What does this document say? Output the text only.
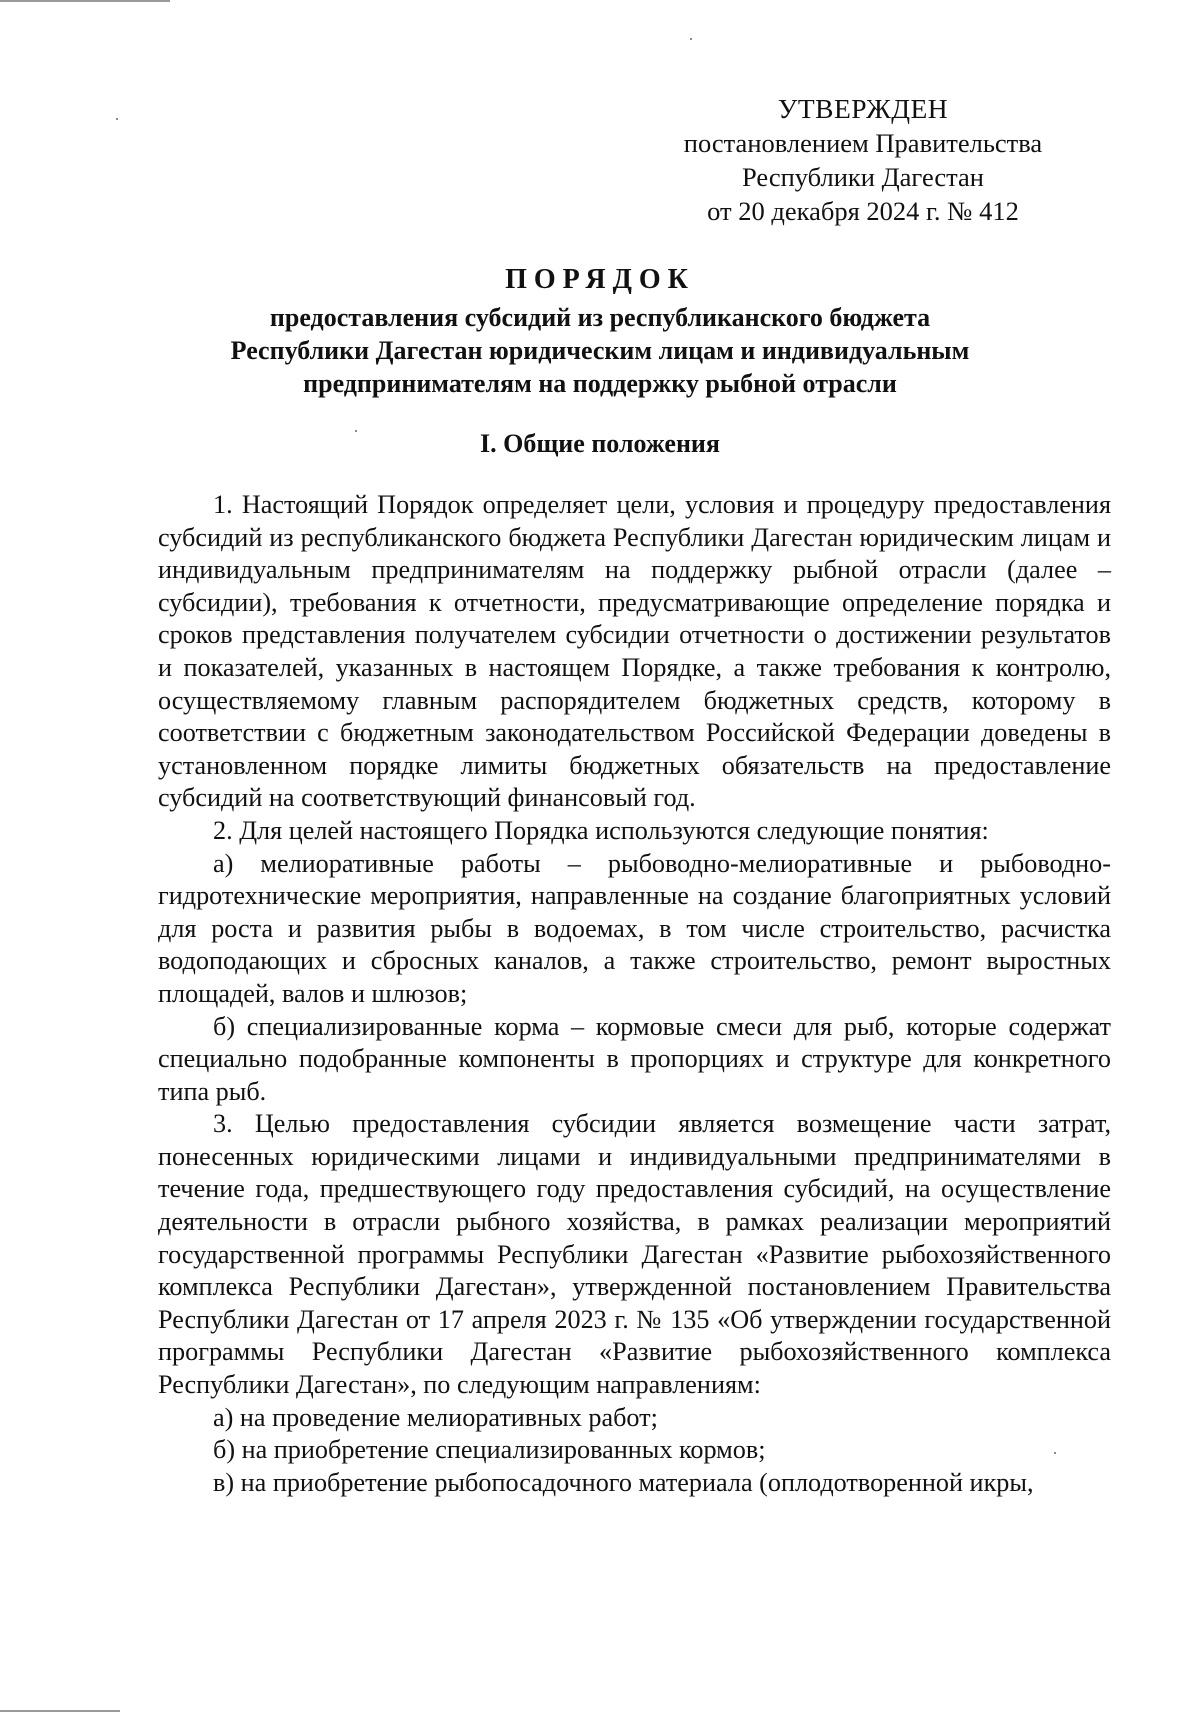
УТВЕРЖДЕН
постановлением Правительства
Республики Дагестан
от 20 декабря 2024 г. № 412
ПОРЯДОК
предоставления субсидий из республиканского бюджета
Республики Дагестан юридическим лицам и индивидуальным
предпринимателям на поддержку рыбной отрасли
I. Общие положения

1. Настоящий Порядок определяет цели, условия и процедуру предоставления субсидий из республиканского бюджета Республики Дагестан юридическим лицам и индивидуальным предпринимателям на поддержку рыбной отрасли (далее – субсидии), требования к отчетности, предусматривающие определение порядка и сроков представления получателем субсидии отчетности о достижении результатов и показателей, указанных в настоящем Порядке, а также требования к контролю, осуществляемому главным распорядителем бюджетных средств, которому в соответствии с бюджетным законодательством Российской Федерации доведены в установленном порядке лимиты бюджетных обязательств на предоставление субсидий на соответствующий финансовый год.

2. Для целей настоящего Порядка используются следующие понятия:

а) мелиоративные работы – рыбоводно-мелиоративные и рыбоводно-гидротехнические мероприятия, направленные на создание благоприятных условий для роста и развития рыбы в водоемах, в том числе строительство, расчистка водоподающих и сбросных каналов, а также строительство, ремонт выростных площадей, валов и шлюзов;

б) специализированные корма – кормовые смеси для рыб, которые содержат специально подобранные компоненты в пропорциях и структуре для конкретного типа рыб.

3. Целью предоставления субсидии является возмещение части затрат, понесенных юридическими лицами и индивидуальными предпринимателями в течение года, предшествующего году предоставления субсидий, на осуществление деятельности в отрасли рыбного хозяйства, в рамках реализации мероприятий государственной программы Республики Дагестан «Развитие рыбохозяйственного комплекса Республики Дагестан», утвержденной постановлением Правительства Республики Дагестан от 17 апреля 2023 г. № 135 «Об утверждении государственной программы Республики Дагестан «Развитие рыбохозяйственного комплекса Республики Дагестан», по следующим направлениям:

а) на проведение мелиоративных работ;

б) на приобретение специализированных кормов;

в) на приобретение рыбопосадочного материала (оплодотворенной икры,
